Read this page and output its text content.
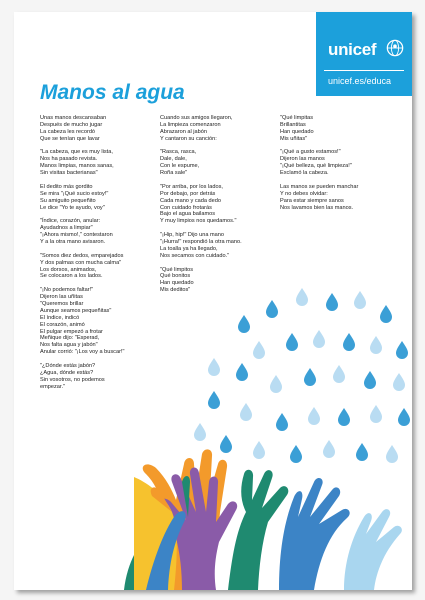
unicef
unicef.es/educa
Manos al agua
Unas manos descansaban
Después de mucho jugar
La cabeza les recordó
Que se tenían que lavar
"La cabeza, que es muy lista,
Nos ha pasado revista.
Manos limpias, manos sanas,
Sin visitas bacterianas"
El dedito más gordito
Se mira "¡Qué sucio estoy!"
Su amiguito pequeñito
Le dice "Yo te ayudo, voy"
"Índice, corazón, anular:
Ayudadnos a limpiar"
"¡Ahora mismo!," contestaron
Y a la otra mano avisaron.
"Somos diez dedos, emparejados
Y dos palmas con mucha calma"
Los dorsos, animados,
Se colocaron a los lados.
"¡No podemos faltar!"
Dijeron las uñitas
"Queremos brillar
Aunque seamos pequeñitas"
El índice, indicó
El corazón, animó
El pulgar empezó a frotar
Meñique dijo: "Esperad,
Nos falta agua y jabón"
Anular corrió: "¡Los voy a buscar!"
"¿Dónde estás jabón?
¿Agua, dónde estás?
Sin vosotros, no podemos
empezar."
Cuando sus amigos llegaron,
La limpieza comenzaron
Abrazaron al jabón
Y cantaron su canción:
"Rasca, rasca,
Dale, dale,
Con le espume,
Roña sale"
"Por arriba, por los lados,
Por debajo, por detrás
Cada mano y cada dedo
Con cuidado frotarás
Bajo el agua bailamos
Y muy limpios nos quedamos."
"¡Hip, hip!" Dijo una mano
"¡Hurra!" respondió la otra mano.
La toalla ya ha llegado,
Nos secamos con cuidado."
"Qué limpitos
Qué bonitos
Han quedado
Mis deditos"
"Qué limpitas
Brillantitas
Han quedado
Mis uñitas"
"¡Qué a gusto estamos!"
Dijeron las manos
"¡Qué belleza, qué limpieza!"
Exclamó la cabeza.
Las manos se pueden manchar
Y no debes olvidar:
Para estar siempre sanos
Nos lavamos bien las manos.
